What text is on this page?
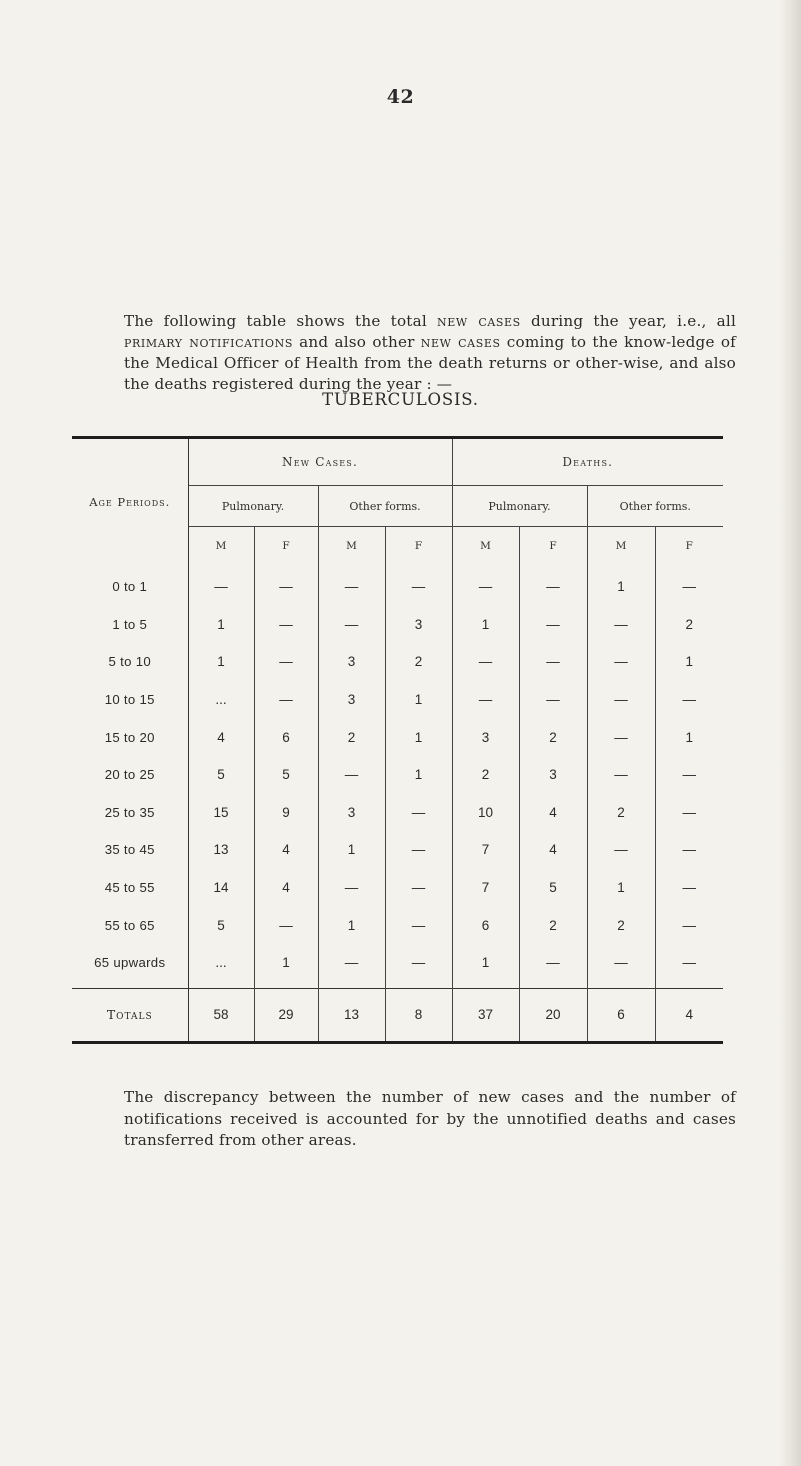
42

The following table shows the total new cases during the year, i.e., all primary notifications and also other new cases coming to the know-ledge of the Medical Officer of Health from the death returns or other-wise, and also the deaths registered during the year : —

TUBERCULOSIS.
Age Periods.	New Cases.				Deaths.			
	Pulmonary.		Other forms.		Pulmonary.		Other forms.	
	M	F	M	F	M	F	M	F
0 to 1	—	—	—	—	—	—	1	—
1 to 5	1	—	—	3	1	—	—	2
5 to 10	1	—	3	2	—	—	—	1
10 to 15	...	—	3	1	—	—	—	—
15 to 20	4	6	2	1	3	2	—	1
20 to 25	5	5	—	1	2	3	—	—
25 to 35	15	9	3	—	10	4	2	—
35 to 45	13	4	1	—	7	4	—	—
45 to 55	14	4	—	—	7	5	1	—
55 to 65	5	—	1	—	6	2	2	—
65 upwards	...	1	—	—	1	—	—	—
Totals	58	29	13	8	37	20	6	4

The discrepancy between the number of new cases and the number of notifications received is accounted for by the unnotified deaths and cases transferred from other areas.
